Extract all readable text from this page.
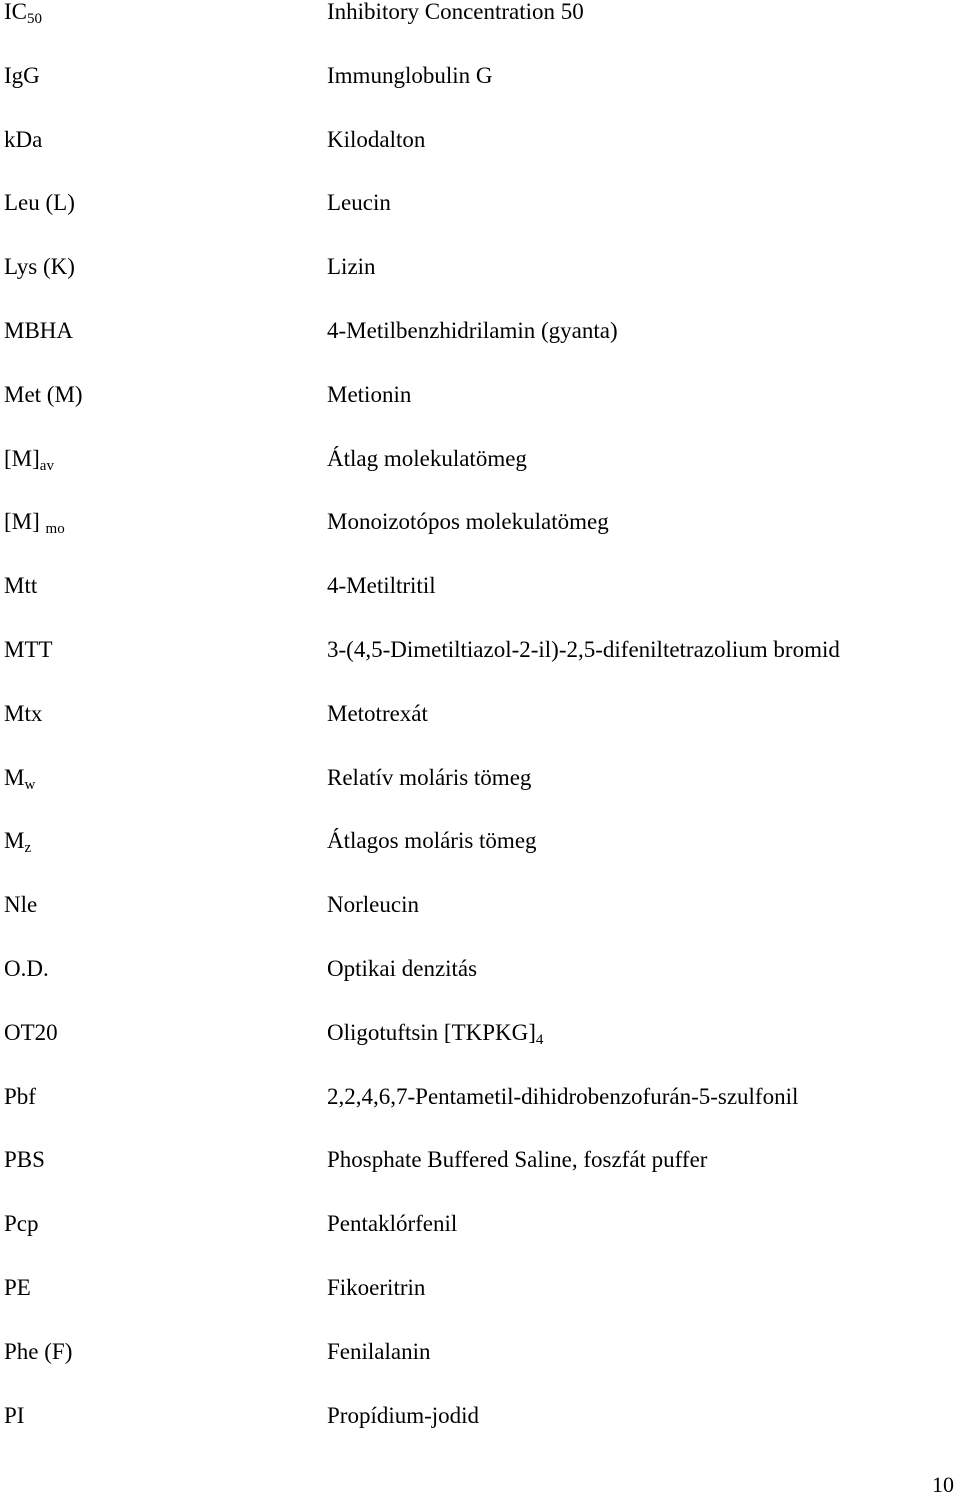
$IC_{50}$	Inhibitory Concentration 50
IgG	Immunglobulin G
kDa	Kilodalton
Leu (L)	Leucin
Lys (K)	Lizin
MBHA	4-Metilbenzhidrilamin (gyanta)
Met (M)	Metionin
$[M]_{av}$	Átlag molekulatömeg
[M] $_{mo}$	Monoizotópos molekulatömeg
Mtt	4-Metiltritil
MTT	3-(4,5-Dimetiltiazol-2-il)-2,5-difeniltetrazolium bromid
Mtx	Metotrexát
$M_w$	Relatív moláris tömeg
$M_z$	Átlagos moláris tömeg
Nle	Norleucin
O.D.	Optikai denzitás
OT20	Oligotuftsin $[TKPKG]_4$
Pbf	2,2,4,6,7-Pentametil-dihidrobenzofurán-5-szulfonil
PBS	Phosphate Buffered Saline, foszfát puffer
Pcp	Pentaklórfenil
PE	Fikoeritrin
Phe (F)	Fenilalanin
PI	Propídium-jodid
10
